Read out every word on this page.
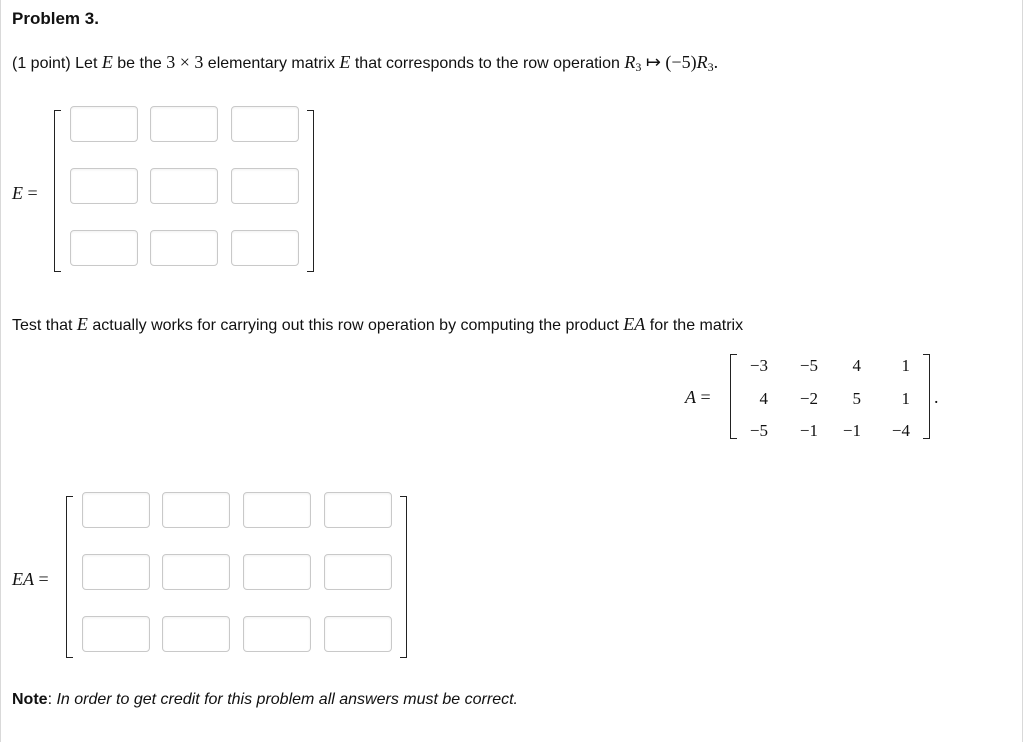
Problem 3.
(1 point) Let E be the 3 × 3 elementary matrix E that corresponds to the row operation R3 ↦ (−5)R3.
E =
Test that E actually works for carrying out this row operation by computing the product EA for the matrix
A =
−3	−5	4	1
4	−2	5	1
−5	−1	−1	−4
.
EA =
Note: In order to get credit for this problem all answers must be correct.
